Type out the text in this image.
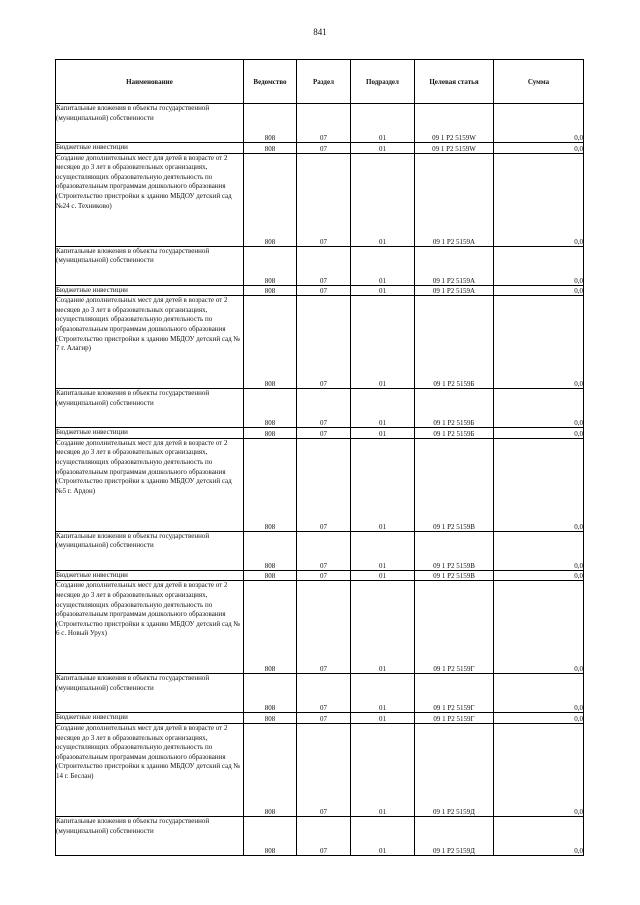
841
Наименование	Ведомство	Раздел	Подраздел	Целевая статья	Сумма

Капитальные вложения в объекты государственной (муниципальной) собственности	808	07	01	09 1 P2 5159W	0,0

Бюджетные инвестиции	808	07	01	09 1 P2 5159W	0,0

Создание дополнительных мест для детей в возрасте от 2 месяцев до 3 лет в образовательных организациях, осуществляющих образовательную деятельность по образовательным программам дошкольного образования (Строительство пристройки к зданию МБДОУ детский сад №24 с. Техниково)	808	07	01	09 1 P2 5159A	0,0

Капитальные вложения в объекты государственной (муниципальной) собственности	808	07	01	09 1 P2 5159A	0,0

Бюджетные инвестиции	808	07	01	09 1 P2 5159A	0,0

Создание дополнительных мест для детей в возрасте от 2 месяцев до 3 лет в образовательных организациях, осуществляющих образовательную деятельность по образовательным программам дошкольного образования (Строительство пристройки к зданию МБДОУ детский сад № 7 г. Алагир)	808	07	01	09 1 P2 5159Б	0,0

Капитальные вложения в объекты государственной (муниципальной) собственности	808	07	01	09 1 P2 5159Б	0,0

Бюджетные инвестиции	808	07	01	09 1 P2 5159Б	0,0

Создание дополнительных мест для детей в возрасте от 2 месяцев до 3 лет в образовательных организациях, осуществляющих образовательную деятельность по образовательным программам дошкольного образования (Строительство пристройки к зданию МБДОУ детский сад №5 г. Ардон)	808	07	01	09 1 P2 5159В	0,0

Капитальные вложения в объекты государственной (муниципальной) собственности	808	07	01	09 1 P2 5159В	0,0

Бюджетные инвестиции	808	07	01	09 1 P2 5159В	0,0

Создание дополнительных мест для детей в возрасте от 2 месяцев до 3 лет в образовательных организациях, осуществляющих образовательную деятельность по образовательным программам дошкольного образования (Строительство пристройки к зданию МБДОУ детский сад № 6 с. Новый Урух)	808	07	01	09 1 P2 5159Г	0,0

Капитальные вложения в объекты государственной (муниципальной) собственности	808	07	01	09 1 P2 5159Г	0,0

Бюджетные инвестиции	808	07	01	09 1 P2 5159Г	0,0

Создание дополнительных мест для детей в возрасте от 2 месяцев до 3 лет в образовательных организациях, осуществляющих образовательную деятельность по образовательным программам дошкольного образования (Строительство пристройки к зданию МБДОУ детский сад № 14 г. Беслан)	808	07	01	09 1 P2 5159Д	0,0

Капитальные вложения в объекты государственной (муниципальной) собственности	808	07	01	09 1 P2 5159Д	0,0
